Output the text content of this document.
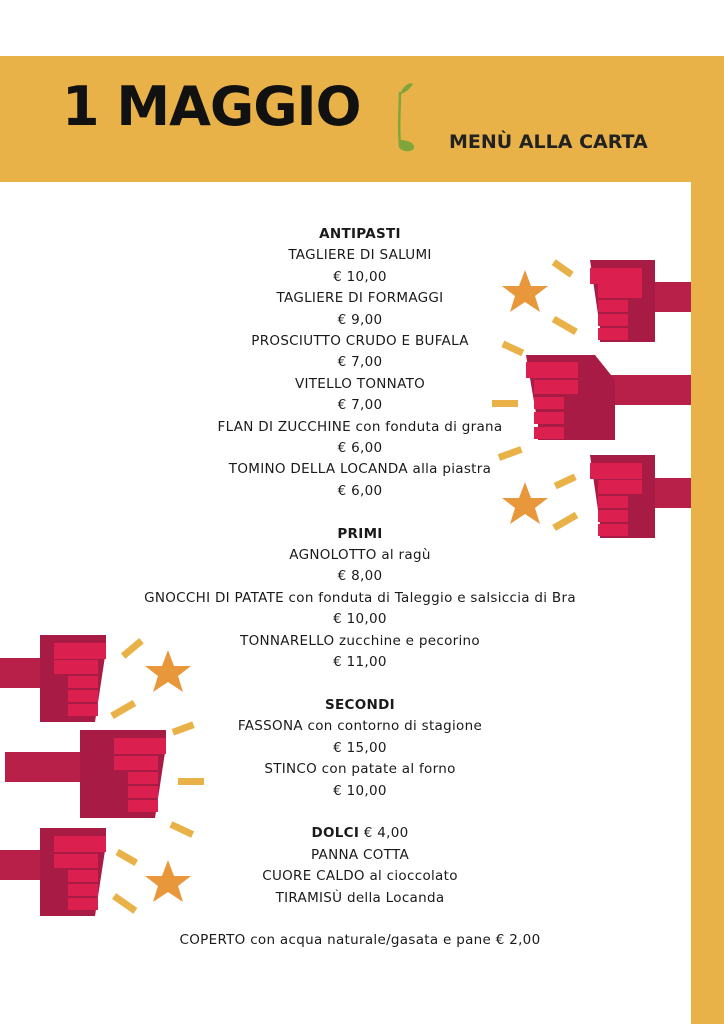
1 MAGGIO
MENÙ ALLA CARTA
ANTIPASTI
TAGLIERE DI SALUMI
€ 10,00
TAGLIERE DI FORMAGGI
€ 9,00
PROSCIUTTO CRUDO E BUFALA
€ 7,00
VITELLO TONNATO
€ 7,00
FLAN DI ZUCCHINE con fonduta di grana
€ 6,00
TOMINO DELLA LOCANDA alla piastra
€ 6,00
PRIMI
AGNOLOTTO al ragù
€ 8,00
GNOCCHI DI PATATE con fonduta di Taleggio e salsiccia di Bra
€ 10,00
TONNARELLO zucchine e pecorino
€ 11,00
SECONDI
FASSONA con contorno di stagione
€ 15,00
STINCO con patate al forno
€ 10,00
DOLCI € 4,00
PANNA COTTA
CUORE CALDO al cioccolato
TIRAMISÙ della Locanda
COPERTO con acqua naturale/gasata e pane € 2,00
